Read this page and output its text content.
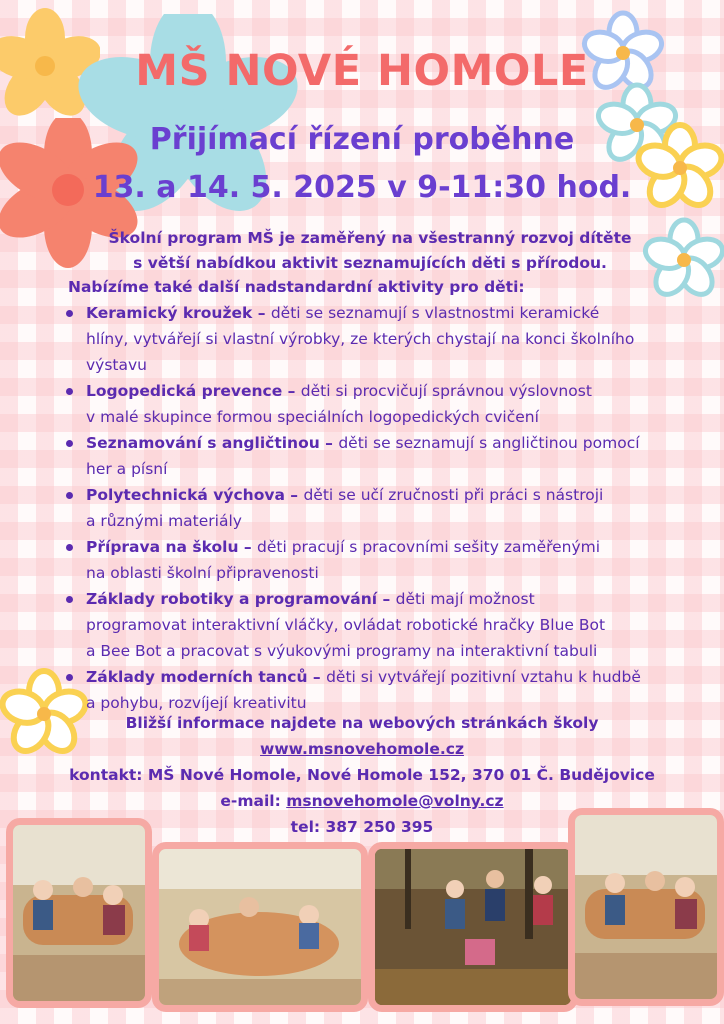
MŠ NOVÉ HOMOLE
Přijímací řízení proběhne
13. a 14. 5. 2025 v 9-11:30 hod.
Školní program MŠ je zaměřený na všestranný rozvoj dítěte
s větší nabídkou aktivit seznamujících děti s přírodou.
Nabízíme také další nadstandardní aktivity pro děti:
Keramický kroužek – děti se seznamují s vlastnostmi keramické
hlíny, vytvářejí si vlastní výrobky, ze kterých chystají na konci školního
výstavu
Logopedická prevence – děti si procvičují správnou výslovnost
v malé skupince formou speciálních logopedických cvičení
Seznamování s angličtinou – děti se seznamují s angličtinou pomocí
her a písní
Polytechnická výchova – děti se učí zručnosti při práci s nástroji
a různými materiály
Příprava na školu – děti pracují s pracovními sešity zaměřenými
na oblasti školní připravenosti
Základy robotiky a programování – děti mají možnost
programovat interaktivní vláčky, ovládat robotické hračky Blue Bot
a Bee Bot a pracovat s výukovými programy na interaktivní tabuli
Základy moderních tanců – děti si vytvářejí pozitivní vztahu k hudbě
a pohybu, rozvíjejí kreativitu
Bližší informace najdete na webových stránkách školy
www.msnovehomole.cz
kontakt: MŠ Nové Homole, Nové Homole 152, 370 01 Č. Budějovice
e-mail: msnovehomole@volny.cz
tel: 387 250 395
